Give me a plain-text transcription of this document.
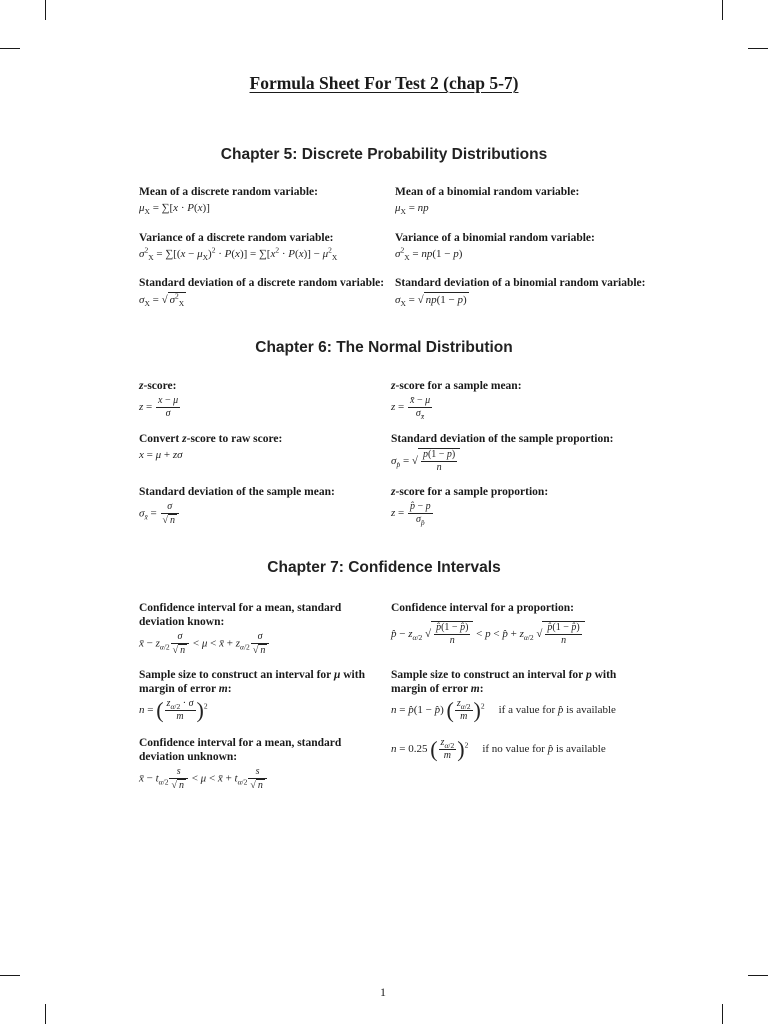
Formula Sheet For Test 2 (chap 5-7)
Chapter 5: Discrete Probability Distributions
Mean of a discrete random variable:
$\mu_X = \sum[x \cdot P(x)]$
Mean of a binomial random variable:
$\mu_X$ = np
Variance of a discrete random variable:
$\sigma^2_X = \sum[(x - \mu_X)^2 \cdot P(x)] = \sum[x^2 \cdot P(x)] - \mu^2_X$
Variance of a binomial random variable:
$\sigma^2_X = np(1 - p)$
Standard deviation of a discrete random variable:
$\sigma_X$ = √ $\sigma^2_X$
Standard deviation of a binomial random variable:
$\sigma_X$ = √ np(1 − p)
Chapter 6: The Normal Distribution
z-score:
$z = \frac{x - \mu}{\sigma}$
z-score for a sample mean:
$z = \frac{x̄ - \mu}{\sigma_{x̄}}$
Convert z-score to raw score:
x = μ + zσ
Standard deviation of the sample proportion:
$\sigma_{p̂}$ = √ $\frac{p(1 - p)}{n}$
Standard deviation of the sample mean:
$\sigma_{x̄} = \frac{\sigma}{√ n}$
z-score for a sample proportion:
$z = \frac{p̂ - p}{\sigma_{p̂}}$
Chapter 7: Confidence Intervals
Confidence interval for a mean, standard deviation known:
x̄ − $z_{\alpha/2} \frac{\sigma}{√ n} < \mu$ < x̄ + $z_{\alpha/2} \frac{\sigma}{√ n}$
Confidence interval for a proportion:
p̂ − $z_{\alpha/2}$ √ $\frac{p̂(1 - p̂)}{n} < p$ < p̂ + $z_{\alpha/2}$ √ $\frac{p̂(1 - p̂)}{n}$
Sample size to construct an interval for μ with margin of error m:
n = ( $\frac{z_{\alpha/2} \cdot \sigma}{m} )^2$
Sample size to construct an interval for p with margin of error m:
n = p̂(1 − p̂) ( $\frac{z_{\alpha/2}}{m} )^2$ if a value for p̂ is available
Confidence interval for a mean, standard deviation unknown:
x̄ − $t_{\alpha/2} \frac{s}{√ n} < \mu$ < x̄ + $t_{\alpha/2} \frac{s}{√ n}$
n = 0.25 ( $\frac{z_{\alpha/2}}{m} )^2$ if no value for p̂ is available
1
